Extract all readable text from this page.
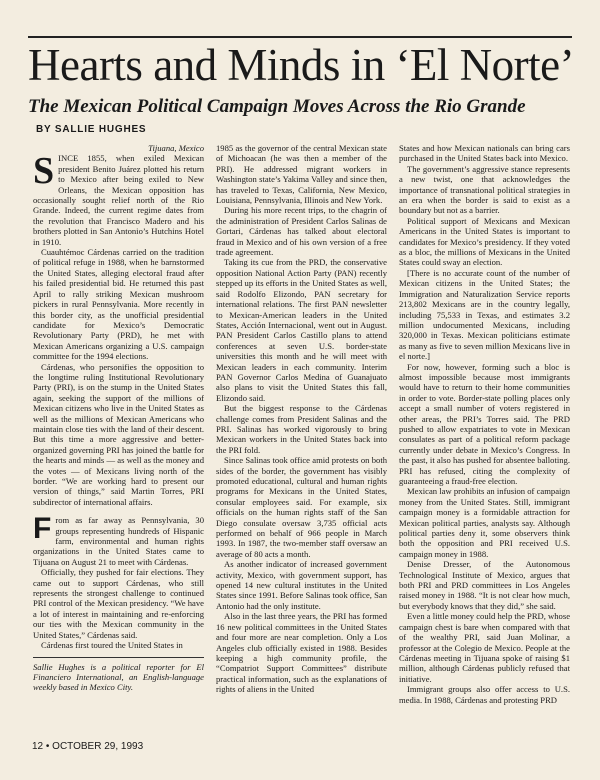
Hearts and Minds in ‘El Norte’
The Mexican Political Campaign Moves Across the Rio Grande
BY SALLIE HUGHES

Tijuana, Mexico

SINCE 1855, when exiled Mexican president Benito Juárez plotted his return to Mexico after being exiled to New Orleans, the Mexican opposition has occasionally sought relief north of the Rio Grande. Indeed, the current regime dates from the revolution that Francisco Madero and his brothers plotted in San Antonio’s Hutchins Hotel in 1910.

Cuauhtémoc Cárdenas carried on the tradition of political refuge in 1988, when he barnstormed the United States, alleging electoral fraud after his failed presidential bid. He returned this past April to rally striking Mexican mushroom pickers in rural Pennsylvania. More recently in this border city, as the unofficial presidential candidate for Mexico’s Democratic Revolutionary Party (PRD), he met with Mexican Americans organizing a U.S. campaign committee for the 1994 elections.

Cárdenas, who personifies the opposition to the longtime ruling Institutional Revolutionary Party (PRI), is on the stump in the United States again, seeking the support of the millions of Mexican citizens who live in the United States as well as the millions of Mexican Americans who maintain close ties with the land of their descent. But this time a more aggressive and better-organized governing PRI has joined the battle for the hearts and minds — as well as the money and the votes — of Mexicans living north of the border. “We are working hard to present our version of things,” said Martin Torres, PRI subdirector of international affairs.

From as far away as Pennsylvania, 30 groups representing hundreds of Hispanic farm, environmental and human rights organizations in the United States came to Tijuana on August 21 to meet with Cárdenas.

Officially, they pushed for fair elections. They came out to support Cárdenas, who still represents the strongest challenge to continued PRI control of the Mexican presidency. “We have a lot of interest in maintaining and re-enforcing our ties with the Mexican community in the United States,” Cárdenas said.

Cárdenas first toured the United States in

Sallie Hughes is a political reporter for El Financiero International, an English-language weekly based in Mexico City.

1985 as the governor of the central Mexican state of Michoacan (he was then a member of the PRI). He addressed migrant workers in Washington state’s Yakima Valley and since then, has traveled to Texas, California, New Mexico, Louisiana, Pennsylvania, Illinois and New York.

During his more recent trips, to the chagrin of the administration of President Carlos Salinas de Gortari, Cárdenas has talked about electoral fraud in Mexico and of his own version of a free trade agreement.

Taking its cue from the PRD, the conservative opposition National Action Party (PAN) recently stepped up its efforts in the United States as well, said Rodolfo Elizondo, PAN secretary for international relations. The first PAN newsletter to Mexican-American leaders in the United States, Acción Internacional, went out in August. PAN President Carlos Castillo plans to attend conferences at seven U.S. border-state universities this month and he will meet with Mexican leaders in each community. Interim PAN Governor Carlos Medina of Guanajuato also plans to visit the United States this fall, Elizondo said.

But the biggest response to the Cárdenas challenge comes from President Salinas and the PRI. Salinas has worked vigorously to bring Mexican workers in the United States back into the PRI fold.

Since Salinas took office amid protests on both sides of the border, the government has visibly promoted educational, cultural and human rights programs for Mexicans in the United States, consular employees said. For example, six officials on the human rights staff of the San Diego consulate oversaw 3,735 official acts performed on behalf of 966 people in March 1993. In 1987, the two-member staff oversaw an average of 80 acts a month.

As another indicator of increased government activity, Mexico, with government support, has opened 14 new cultural institutes in the United States since 1991. Before Salinas took office, San Antonio had the only institute.

Also in the last three years, the PRI has formed 16 new political committees in the United States and four more are near completion. Only a Los Angeles club officially existed in 1988. Besides keeping a high community profile, the “Compatriot Support Committees” distribute practical information, such as the explanations of rights of aliens in the United

States and how Mexican nationals can bring cars purchased in the United States back into Mexico.

The government’s aggressive stance represents a new twist, one that acknowledges the importance of transnational political strategies in an era when the border is said to exist as a boundary but not as a barrier.

Political support of Mexicans and Mexican Americans in the United States is important to candidates for Mexico’s presidency. If they voted as a bloc, the millions of Mexicans in the United States could sway an election.

[There is no accurate count of the number of Mexican citizens in the United States; the Immigration and Naturalization Service reports 213,802 Mexicans are in the country legally, including 75,533 in Texas, and estimates 3.2 million undocumented Mexicans, including 320,000 in Texas. Mexican politicians estimate as many as five to seven million Mexicans live in el norte.]

For now, however, forming such a bloc is almost impossible because most immigrants would have to return to their home communities in order to vote. Border-state polling places only accept a small number of voters registered in other areas, the PRI’s Torres said. The PRD pushed to allow expatriates to vote in Mexican consulates as part of a political reform package currently under debate in Mexico’s Congress. In the past, it also has pushed for absentee balloting. PRI has refused, citing the complexity of guaranteeing a fraud-free election.

Mexican law prohibits an infusion of campaign money from the United States. Still, immigrant campaign money is a formidable attraction for Mexican political parties, analysts say. Although political parties deny it, some observers think both the opposition and PRI received U.S. campaign money in 1988.

Denise Dresser, of the Autonomous Technological Institute of Mexico, argues that both PRI and PRD committees in Los Angeles raised money in 1988. “It is not clear how much, but everybody knows that they did,” she said.

Even a little money could help the PRD, whose campaign chest is bare when compared with that of the wealthy PRI, said Juan Molinar, a professor at the Colegio de Mexico. People at the Cárdenas meeting in Tijuana spoke of raising $1 million, although Cárdenas publicly refused that initiative.

Immigrant groups also offer access to U.S. media. In 1988, Cárdenas and protesting PRD

12 • OCTOBER 29, 1993
